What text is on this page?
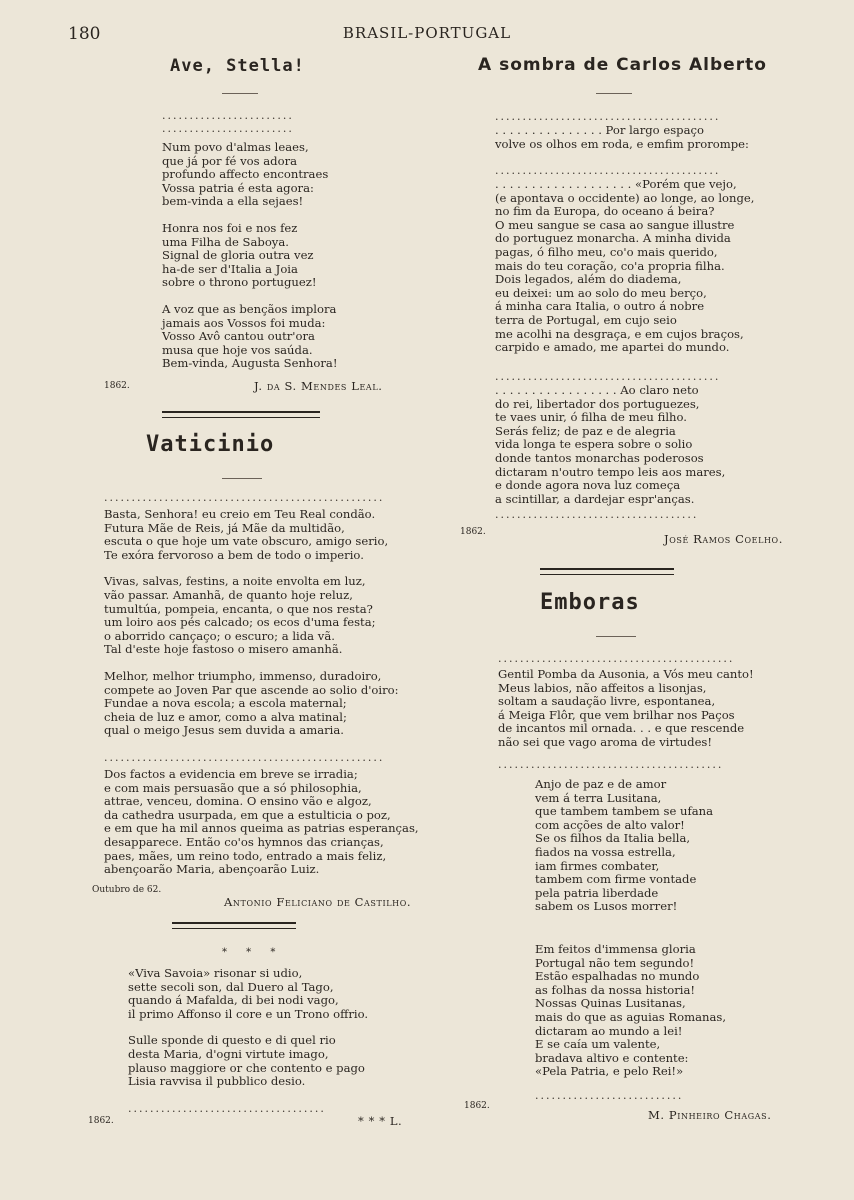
180	BRASIL-PORTUGAL
Ave, Stella!
........................
........................
Num povo d'almas leaes,
que já por fé vos adora
profundo affecto encontraes
Vossa patria é esta agora:
bem-vinda a ella sejaes!
Honra nos foi e nos fez
uma Filha de Saboya.
Signal de gloria outra vez
ha-de ser d'Italia a Joia
sobre o throno portuguez!
A voz que as bençãos implora
jamais aos Vossos foi muda:
Vosso Avô cantou outr'ora
musa que hoje vos saúda.
Bem-vinda, Augusta Senhora!
1862.	J. da S. Mendes Leal.
Vaticinio
...................................................
Basta, Senhora! eu creio em Teu Real condão.
Futura Mãe de Reis, já Mãe da multidão,
escuta o que hoje um vate obscuro, amigo serio,
Te exóra fervoroso a bem de todo o imperio.
Vivas, salvas, festins, a noite envolta em luz,
vão passar. Amanhã, de quanto hoje reluz,
tumultúa, pompeia, encanta, o que nos resta?
um loiro aos pés calcado; os ecos d'uma festa;
o aborrido cançaço; o escuro; a lida vã.
Tal d'este hoje fastoso o misero amanhã.
Melhor, melhor triumpho, immenso, duradoiro,
compete ao Joven Par que ascende ao solio d'oiro:
Fundae a nova escola; a escola maternal;
cheia de luz e amor, como a alva matinal;
qual o meigo Jesus sem duvida a amaria.
...................................................
Dos factos a evidencia em breve se irradia;
e com mais persuasão que a só philosophia,
attrae, venceu, domina. O ensino vão e algoz,
da cathedra usurpada, em que a estulticia o poz,
e em que ha mil annos queima as patrias esperanças,
desapparece. Então co'os hymnos das crianças,
paes, mães, um reino todo, entrado a mais feliz,
abençoarão Maria, abençoarão Luiz.
Outubro de 62.
Antonio Feliciano de Castilho.
* * *
«Viva Savoia» risonar si udio,
sette secoli son, dal Duero al Tago,
quando á Mafalda, di bei nodi vago,
il primo Affonso il core e un Trono offrio.
Sulle sponde di questo e di quel rio
desta Maria, d'ogni virtute imago,
plauso maggiore or che contento e pago
Lisia ravvisa il pubblico desio.
....................................
1862.	* * * L.
A sombra de Carlos Alberto
.........................................
. . . . . . . . . . . . . . . Por largo espaço
volve os olhos em roda, e emfim prorompe:
.........................................
. . . . . . . . . . . . . . . . . . . «Porém que vejo,
(e apontava o occidente) ao longe, ao longe,
no fim da Europa, do oceano á beira?
O meu sangue se casa ao sangue illustre
do portuguez monarcha. A minha divida
pagas, ó filho meu, co'o mais querido,
mais do teu coração, co'a propria filha.
Dois legados, além do diadema,
eu deixei: um ao solo do meu berço,
á minha cara Italia, o outro á nobre
terra de Portugal, em cujo seio
me acolhi na desgraça, e em cujos braços,
carpido e amado, me apartei do mundo.
.........................................
. . . . . . . . . . . . . . . . . Ao claro neto
do rei, libertador dos portuguezes,
te vaes unir, ó filha de meu filho.
Serás feliz; de paz e de alegria
vida longa te espera sobre o solio
donde tantos monarchas poderosos
dictaram n'outro tempo leis aos mares,
e donde agora nova luz começa
a scintillar, a dardejar espr'anças.
.....................................
1862.	José Ramos Coelho.
Emboras
...........................................
Gentil Pomba da Ausonia, a Vós meu canto!
Meus labios, não affeitos a lisonjas,
soltam a saudação livre, espontanea,
á Meiga Flôr, que vem brilhar nos Paços
de incantos mil ornada. . . e que rescende
não sei que vago aroma de virtudes!
.........................................
Anjo de paz e de amor
vem á terra Lusitana,
que tambem tambem se ufana
com acções de alto valor!
Se os filhos da Italia bella,
fiados na vossa estrella,
iam firmes combater,
tambem com firme vontade
pela patria liberdade
sabem os Lusos morrer!
Em feitos d'immensa gloria
Portugal não tem segundo!
Estão espalhadas no mundo
as folhas da nossa historia!
Nossas Quinas Lusitanas,
mais do que as aguias Romanas,
dictaram ao mundo a lei!
E se caía um valente,
bradava altivo e contente:
«Pela Patria, e pelo Rei!»
...........................
1862.
M. Pinheiro Chagas.
